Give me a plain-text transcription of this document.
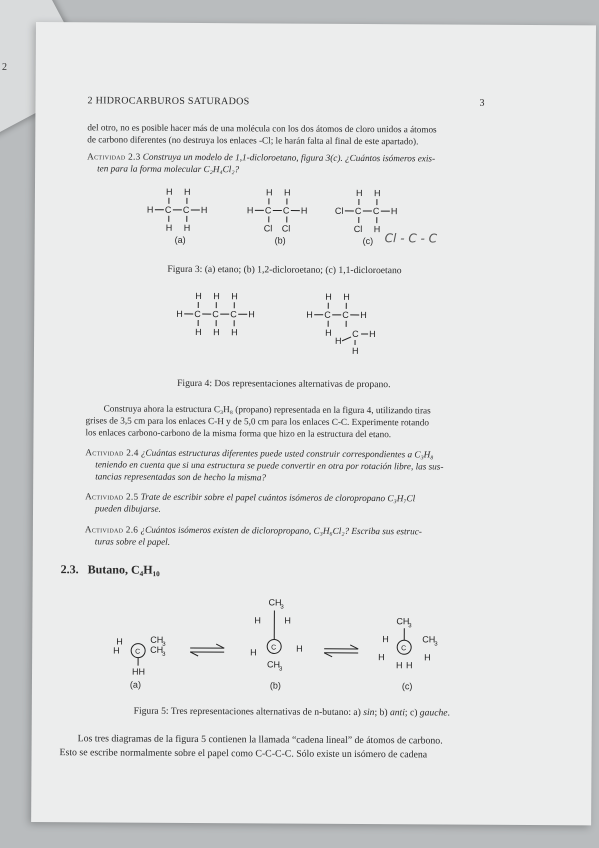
2
2 HIDROCARBUROS SATURADOS	3
del otro, no es posible hacer más de una molécula con los dos átomos de cloro unidos a átomos
de carbono diferentes (no destruya los enlaces -Cl; le harán falta al final de este apartado).
Actividad 2.3 Construya un modelo de 1,1-dicloroetano, figura 3(c). ¿Cuántos isómeros exis-
ten para la forma molecular C₂H₄Cl₂?
H H
H C C H
H H
H H
H C C H
Cl Cl
H H
Cl C C H
Cl H
(a)	(b)	(c) Cl - C - C
Figura 3: (a) etano; (b) 1,2-dicloroetano; (c) 1,1-dicloroetano
H H H
H C C C H
H H H
H H
H C C H
H C H
H
H
Figura 4: Dos representaciones alternativas de propano.
Construya ahora la estructura C₃H₈ (propano) representada en la figura 4, utilizando tiras
grises de 3,5 cm para los enlaces C-H y de 5,0 cm para los enlaces C-C. Experimente rotando
los enlaces carbono-carbono de la misma forma que hizo en la estructura del etano.
Actividad 2.4 ¿Cuántas estructuras diferentes puede usted construir correspondientes a C₃H₈
teniendo en cuenta que si una estructura se puede convertir en otra por rotación libre, las sus-
tancias representadas son de hecho la misma?
Actividad 2.5 Trate de escribir sobre el papel cuántos isómeros de cloropropano C₃H₇Cl
pueden dibujarse.
Actividad 2.6 ¿Cuántos isómeros existen de dicloropropano, C₃H₆Cl₂? Escriba sus estruc-
turas sobre el papel.
2.3. Butano, C₄H₁₀
C
H
H
CH
3
CH
3
HH
CH
3
H	H
C
H	H
CH
3
CH
3
H	CH
3
C
H	H
H H
(a)	(b)	(c)
Figura 5: Tres representaciones alternativas de n-butano: a) sin; b) anti; c) gauche.
Los tres diagramas de la figura 5 contienen la llamada “cadena lineal” de átomos de carbono.
Esto se escribe normalmente sobre el papel como C-C-C-C. Sólo existe un isómero de cadena
